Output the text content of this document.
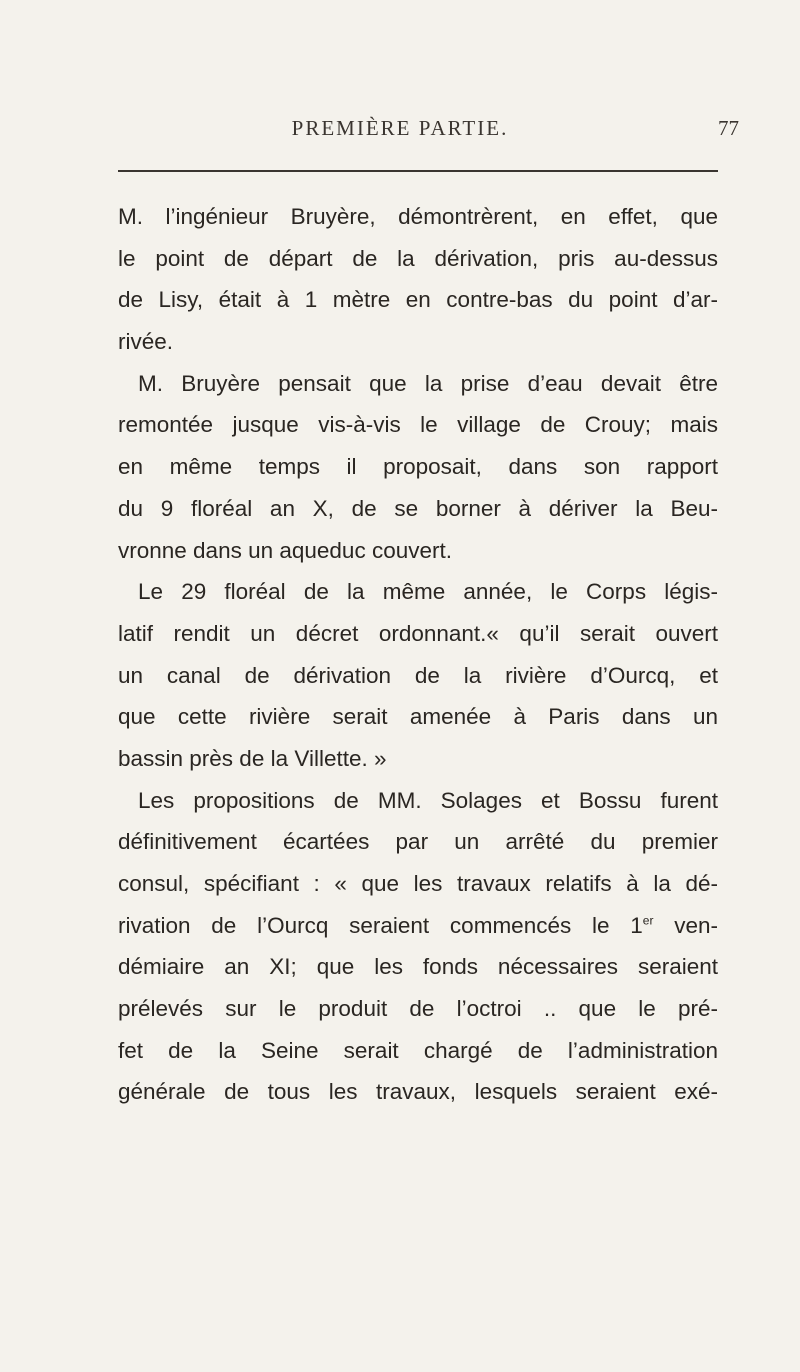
PREMIÈRE PARTIE.	77
M. l’ingénieur Bruyère, démontrèrent, en effet, que
le point de départ de la dérivation, pris au-dessus
de Lisy, était à 1 mètre en contre-bas du point d’ar-
rivée.
M. Bruyère pensait que la prise d’eau devait être
remontée jusque vis-à-vis le village de Crouy; mais
en même temps il proposait, dans son rapport
du 9 floréal an X, de se borner à dériver la Beu-
vronne dans un aqueduc couvert.
Le 29 floréal de la même année, le Corps légis-
latif rendit un décret ordonnant.« qu’il serait ouvert
un canal de dérivation de la rivière d’Ourcq, et
que cette rivière serait amenée à Paris dans un
bassin près de la Villette. »
Les propositions de MM. Solages et Bossu furent
définitivement écartées par un arrêté du premier
consul, spécifiant : « que les travaux relatifs à la dé-
rivation de l’Ourcq seraient commencés le 1er ven-
démiaire an XI; que les fonds nécessaires seraient
prélevés sur le produit de l’octroi .. que le pré-
fet de la Seine serait chargé de l’administration
générale de tous les travaux, lesquels seraient exé-
